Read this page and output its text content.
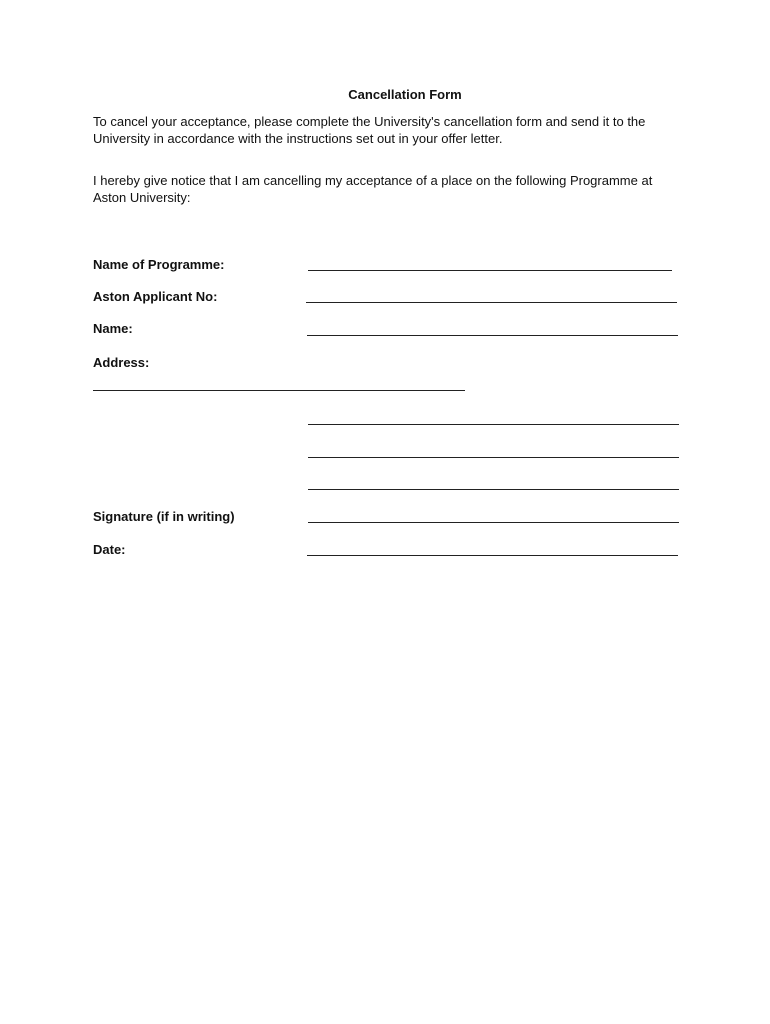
Cancellation Form
To cancel your acceptance, please complete the University's cancellation form and send it to the
University in accordance with the instructions set out in your offer letter.
I hereby give notice that I am cancelling my acceptance of a place on the following Programme at
Aston University:
Name of Programme:
Aston Applicant No:
Name:
Address:
Signature (if in writing)
Date:
